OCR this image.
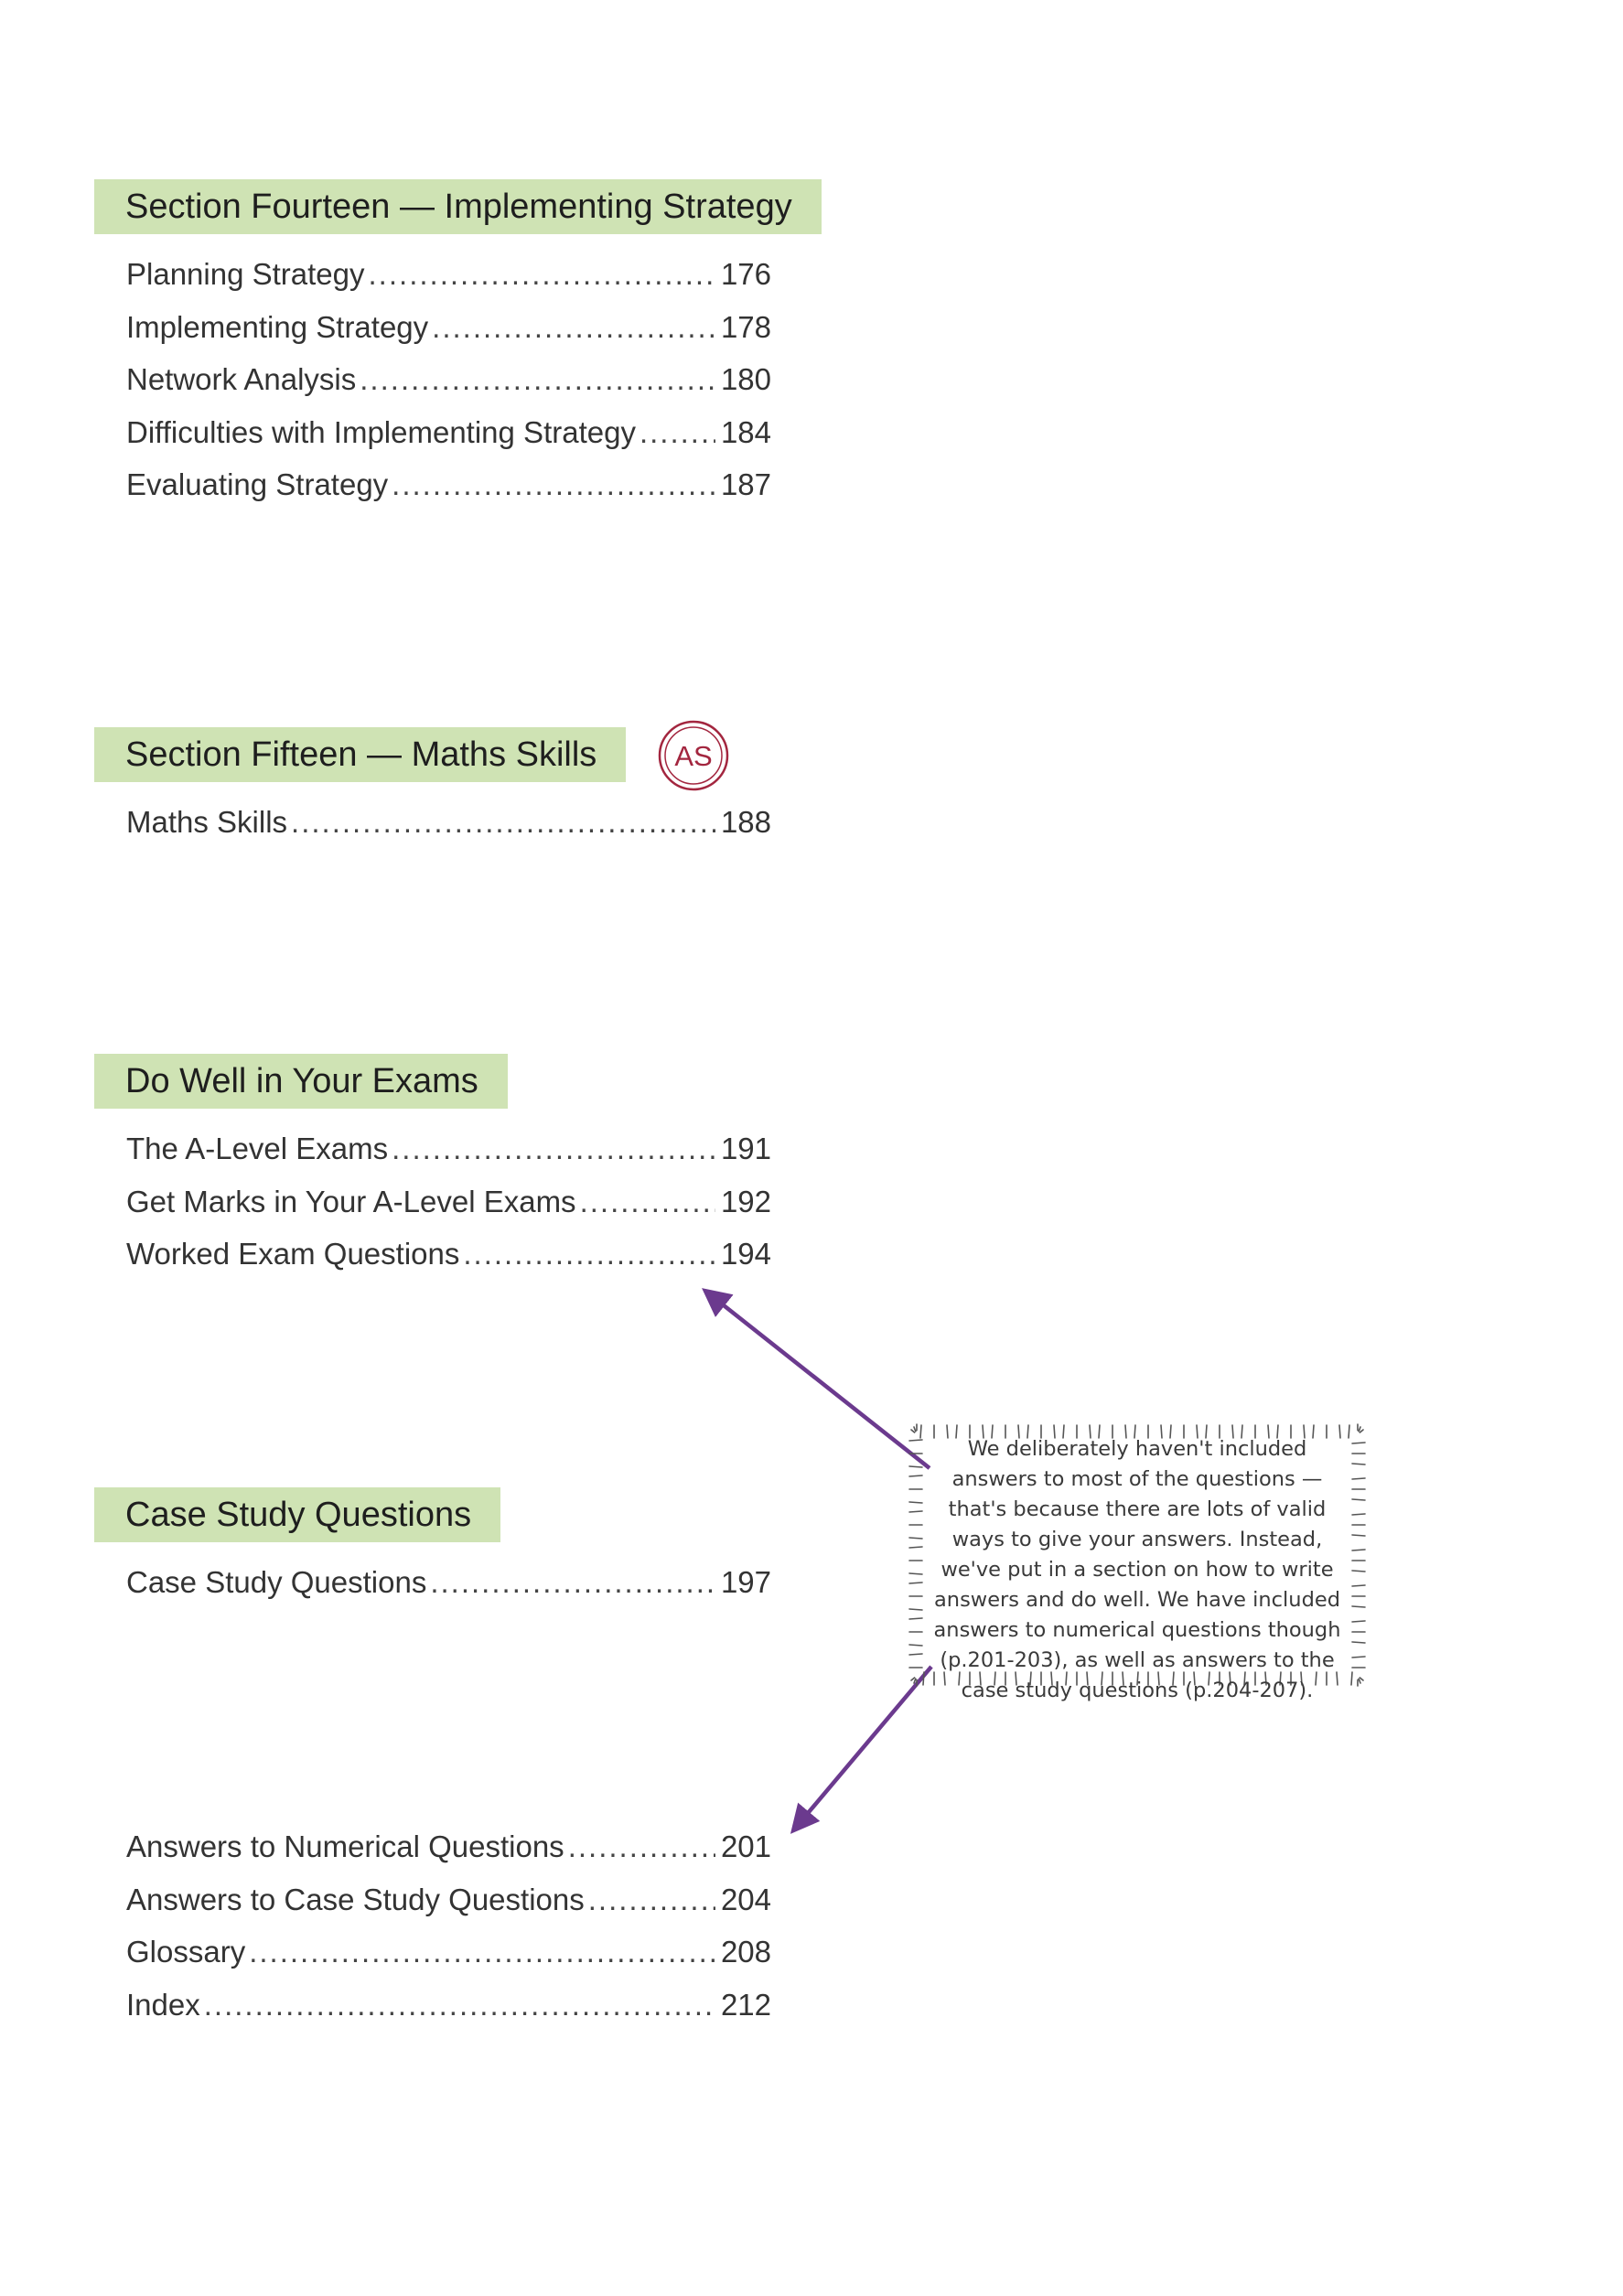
Section Fourteen — Implementing Strategy
Planning Strategy .....	176
Implementing Strategy .....	178
Network Analysis .....	180
Difficulties with Implementing Strategy .....	184
Evaluating Strategy .....	187
Section Fifteen — Maths Skills
Maths Skills .....	188
AS
Do Well in Your Exams
The A-Level Exams .....	191
Get Marks in Your A-Level Exams .....	192
Worked Exam Questions .....	194
Case Study Questions
Case Study Questions .....	197
Answers to Numerical Questions .....	201
Answers to Case Study Questions .....	204
Glossary .....	208
Index .....	212
We deliberately haven't included answers to most of the questions — that's because there are lots of valid ways to give your answers. Instead, we've put in a section on how to write answers and do well. We have included answers to numerical questions though (p.201-203), as well as answers to the case study questions (p.204-207).
